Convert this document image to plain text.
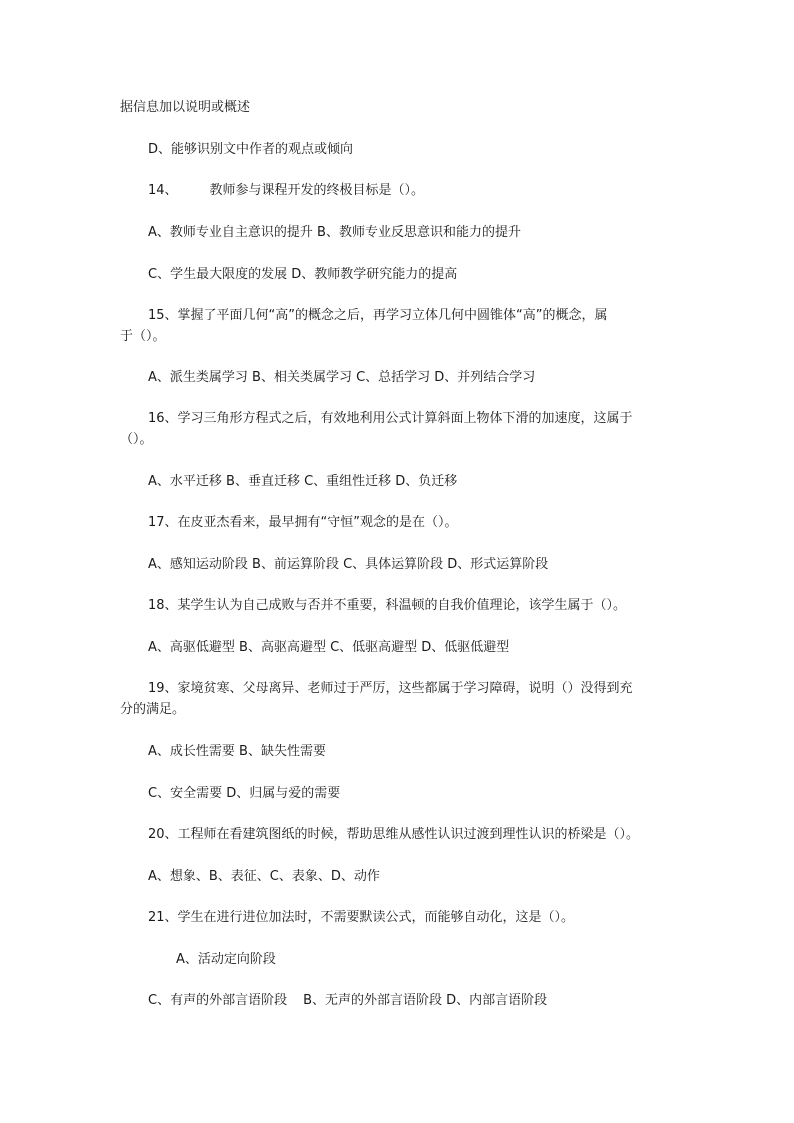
据信息加以说明或概述
D、能够识别文中作者的观点或倾向
14、 教师参与课程开发的终极目标是（）。
A、教师专业自主意识的提升 B、教师专业反思意识和能力的提升
C、学生最大限度的发展 D、教师教学研究能力的提高
15、掌握了平面几何“高”的概念之后，再学习立体几何中圆锥体“高”的概念，属
于（）。
A、派生类属学习 B、相关类属学习 C、总括学习 D、并列结合学习
16、学习三角形方程式之后，有效地利用公式计算斜面上物体下滑的加速度，这属于
（）。
A、水平迁移 B、垂直迁移 C、重组性迁移 D、负迁移
17、在皮亚杰看来，最早拥有“守恒”观念的是在（）。
A、感知运动阶段 B、前运算阶段 C、具体运算阶段 D、形式运算阶段
18、某学生认为自己成败与否并不重要，科温顿的自我价值理论，该学生属于（）。
A、高驱低避型 B、高驱高避型 C、低驱高避型 D、低驱低避型
19、家境贫寒、父母离异、老师过于严厉，这些都属于学习障碍，说明（）没得到充
分的满足。
A、成长性需要 B、缺失性需要
C、安全需要 D、归属与爱的需要
20、工程师在看建筑图纸的时候，帮助思维从感性认识过渡到理性认识的桥梁是（）。
A、想象、B、表征、C、表象、D、动作
21、学生在进行进位加法时，不需要默读公式，而能够自动化，这是（）。
A、活动定向阶段
C、有声的外部言语阶段 B、无声的外部言语阶段 D、内部言语阶段
